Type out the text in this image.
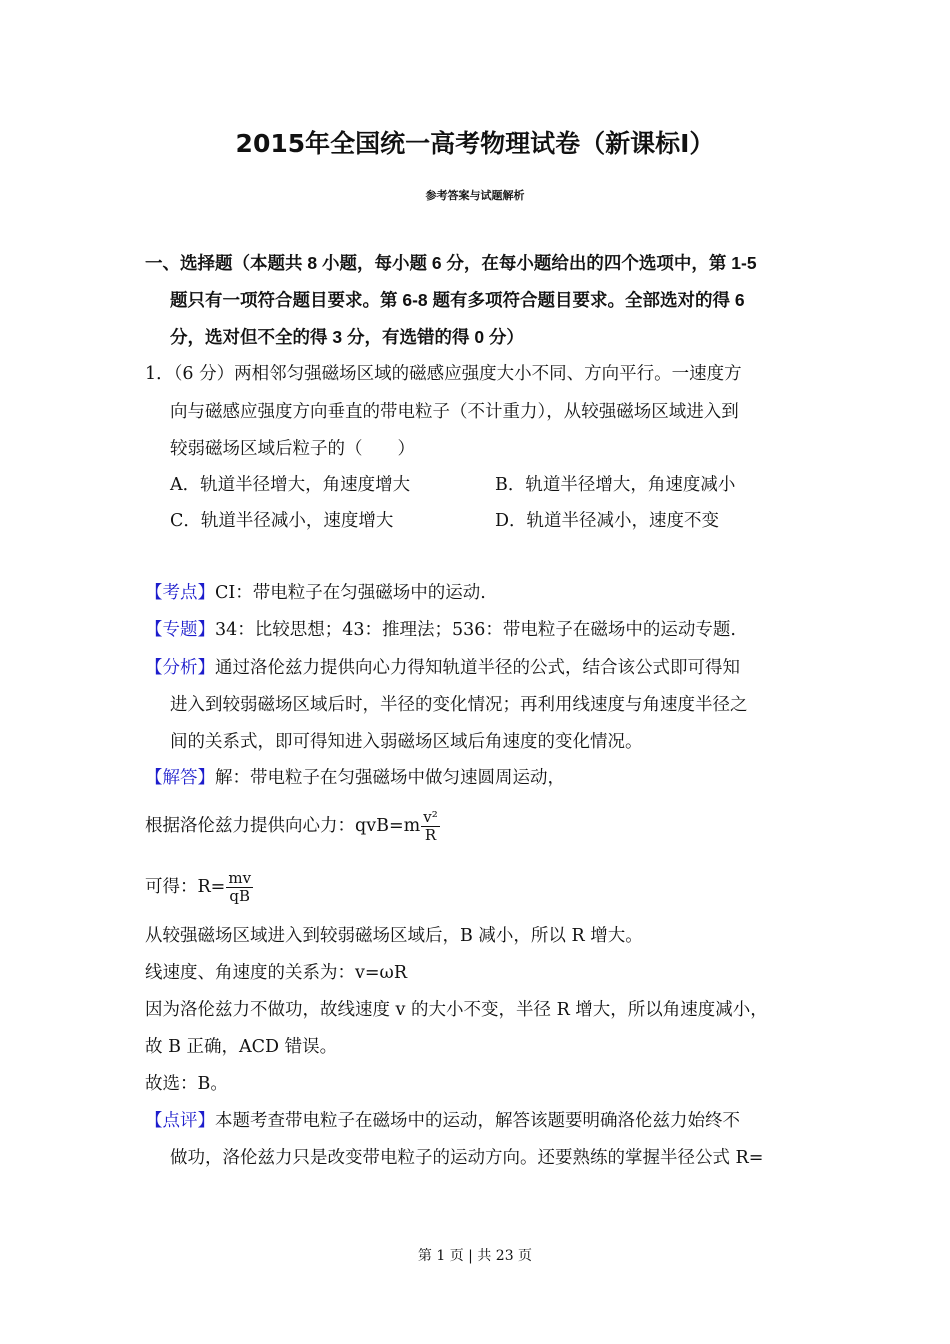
2015年全国统一高考物理试卷（新课标Ⅰ）
参考答案与试题解析
一、选择题（本题共 8 小题，每小题 6 分，在每小题给出的四个选项中，第 1-5
题只有一项符合题目要求。第 6-8 题有多项符合题目要求。全部选对的得 6
分，选对但不全的得 3 分，有选错的得 0 分）
1．（6 分）两相邻匀强磁场区域的磁感应强度大小不同、方向平行。一速度方
向与磁感应强度方向垂直的带电粒子（不计重力），从较强磁场区域进入到
较弱磁场区域后粒子的（　　）
A．轨道半径增大，角速度增大	B．轨道半径增大，角速度减小
C．轨道半径减小，速度增大	D．轨道半径减小，速度不变
【考点】CI：带电粒子在匀强磁场中的运动.
【专题】34：比较思想；43：推理法；536：带电粒子在磁场中的运动专题.
【分析】通过洛伦兹力提供向心力得知轨道半径的公式，结合该公式即可得知
进入到较弱磁场区域后时，半径的变化情况；再利用线速度与角速度半径之
间的关系式，即可得知进入弱磁场区域后角速度的变化情况。
【解答】解：带电粒子在匀强磁场中做匀速圆周运动，
根据洛伦兹力提供向心力：$qvB=m \frac{\text{v²}}{R}$
可得：$R= \frac{mv}{qB}$
从较强磁场区域进入到较弱磁场区域后，B 减小，所以 R 增大。
线速度、角速度的关系为：v=ωR
因为洛伦兹力不做功，故线速度 v 的大小不变，半径 R 增大，所以角速度减小，
故 B 正确，ACD 错误。
故选：B。
【点评】本题考查带电粒子在磁场中的运动，解答该题要明确洛伦兹力始终不
做功，洛伦兹力只是改变带电粒子的运动方向。还要熟练的掌握半径公式 R=
第 1 页 | 共 23 页
